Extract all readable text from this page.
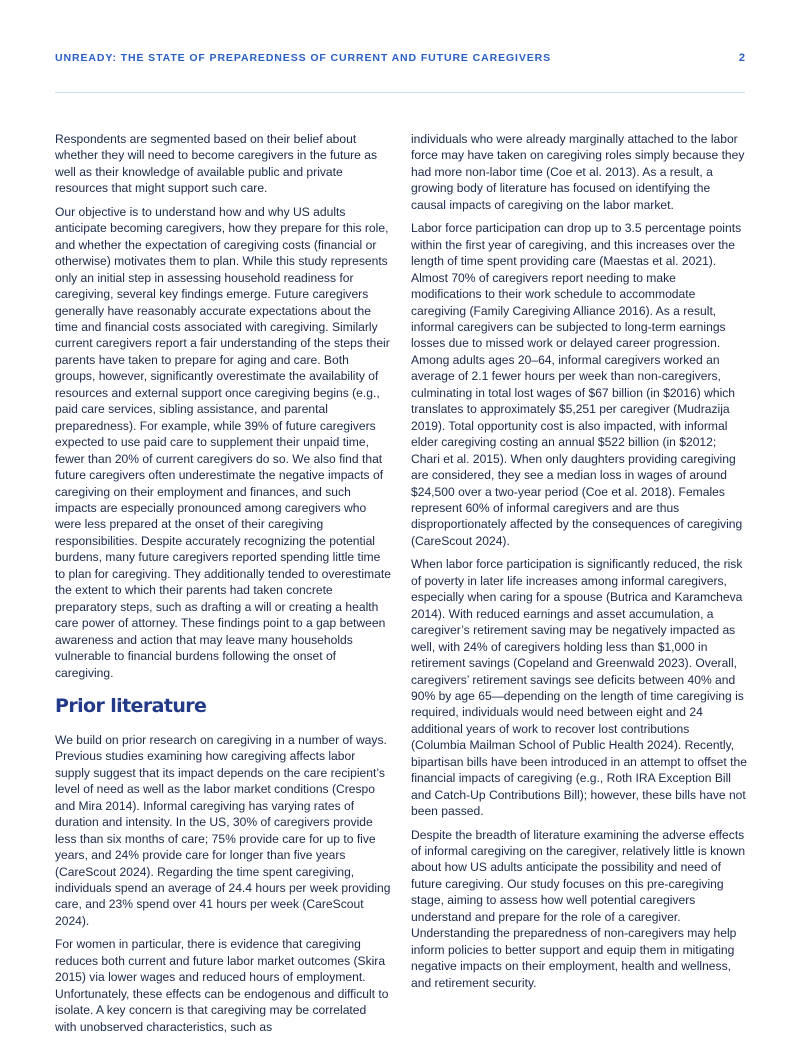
UNREADY: THE STATE OF PREPAREDNESS OF CURRENT AND FUTURE CAREGIVERS	2

Respondents are segmented based on their belief about whether they will need to become caregivers in the future as well as their knowledge of available public and private resources that might support such care.

Our objective is to understand how and why US adults anticipate becoming caregivers, how they prepare for this role, and whether the expectation of caregiving costs (financial or otherwise) motivates them to plan. While this study represents only an initial step in assessing household readiness for caregiving, several key findings emerge. Future caregivers generally have reasonably accurate expectations about the time and financial costs associated with caregiving. Similarly current caregivers report a fair understanding of the steps their parents have taken to prepare for aging and care. Both groups, however, significantly overestimate the availability of resources and external support once caregiving begins (e.g., paid care services, sibling assistance, and parental preparedness). For example, while 39% of future caregivers expected to use paid care to supplement their unpaid time, fewer than 20% of current caregivers do so. We also find that future caregivers often underestimate the negative impacts of caregiving on their employment and finances, and such impacts are especially pronounced among caregivers who were less prepared at the onset of their caregiving responsibilities. Despite accurately recognizing the potential burdens, many future caregivers reported spending little time to plan for caregiving. They additionally tended to overestimate the extent to which their parents had taken concrete preparatory steps, such as drafting a will or creating a health care power of attorney. These findings point to a gap between awareness and action that may leave many households vulnerable to financial burdens following the onset of caregiving.

Prior literature

We build on prior research on caregiving in a number of ways. Previous studies examining how caregiving affects labor supply suggest that its impact depends on the care recipient’s level of need as well as the labor market conditions (Crespo and Mira 2014). Informal caregiving has varying rates of duration and intensity. In the US, 30% of caregivers provide less than six months of care; 75% provide care for up to five years, and 24% provide care for longer than five years (CareScout 2024). Regarding the time spent caregiving, individuals spend an average of 24.4 hours per week providing care, and 23% spend over 41 hours per week (CareScout 2024).

For women in particular, there is evidence that caregiving reduces both current and future labor market outcomes (Skira 2015) via lower wages and reduced hours of employment. Unfortunately, these effects can be endogenous and difficult to isolate. A key concern is that caregiving may be correlated with unobserved characteristics, such as

individuals who were already marginally attached to the labor force may have taken on caregiving roles simply because they had more non-labor time (Coe et al. 2013). As a result, a growing body of literature has focused on identifying the causal impacts of caregiving on the labor market.

Labor force participation can drop up to 3.5 percentage points within the first year of caregiving, and this increases over the length of time spent providing care (Maestas et al. 2021). Almost 70% of caregivers report needing to make modifications to their work schedule to accommodate caregiving (Family Caregiving Alliance 2016). As a result, informal caregivers can be subjected to long-term earnings losses due to missed work or delayed career progression. Among adults ages 20–64, informal caregivers worked an average of 2.1 fewer hours per week than non-caregivers, culminating in total lost wages of $67 billion (in $2016) which translates to approximately $5,251 per caregiver (Mudrazija 2019). Total opportunity cost is also impacted, with informal elder caregiving costing an annual $522 billion (in $2012; Chari et al. 2015). When only daughters providing caregiving are considered, they see a median loss in wages of around $24,500 over a two-year period (Coe et al. 2018). Females represent 60% of informal caregivers and are thus disproportionately affected by the consequences of caregiving (CareScout 2024).

When labor force participation is significantly reduced, the risk of poverty in later life increases among informal caregivers, especially when caring for a spouse (Butrica and Karamcheva 2014). With reduced earnings and asset accumulation, a caregiver’s retirement saving may be negatively impacted as well, with 24% of caregivers holding less than $1,000 in retirement savings (Copeland and Greenwald 2023). Overall, caregivers’ retirement savings see deficits between 40% and 90% by age 65—depending on the length of time caregiving is required, individuals would need between eight and 24 additional years of work to recover lost contributions (Columbia Mailman School of Public Health 2024). Recently, bipartisan bills have been introduced in an attempt to offset the financial impacts of caregiving (e.g., Roth IRA Exception Bill and Catch-Up Contributions Bill); however, these bills have not been passed.

Despite the breadth of literature examining the adverse effects of informal caregiving on the caregiver, relatively little is known about how US adults anticipate the possibility and need of future caregiving. Our study focuses on this pre-caregiving stage, aiming to assess how well potential caregivers understand and prepare for the role of a caregiver. Understanding the preparedness of non-caregivers may help inform policies to better support and equip them in mitigating negative impacts on their employment, health and wellness, and retirement security.
